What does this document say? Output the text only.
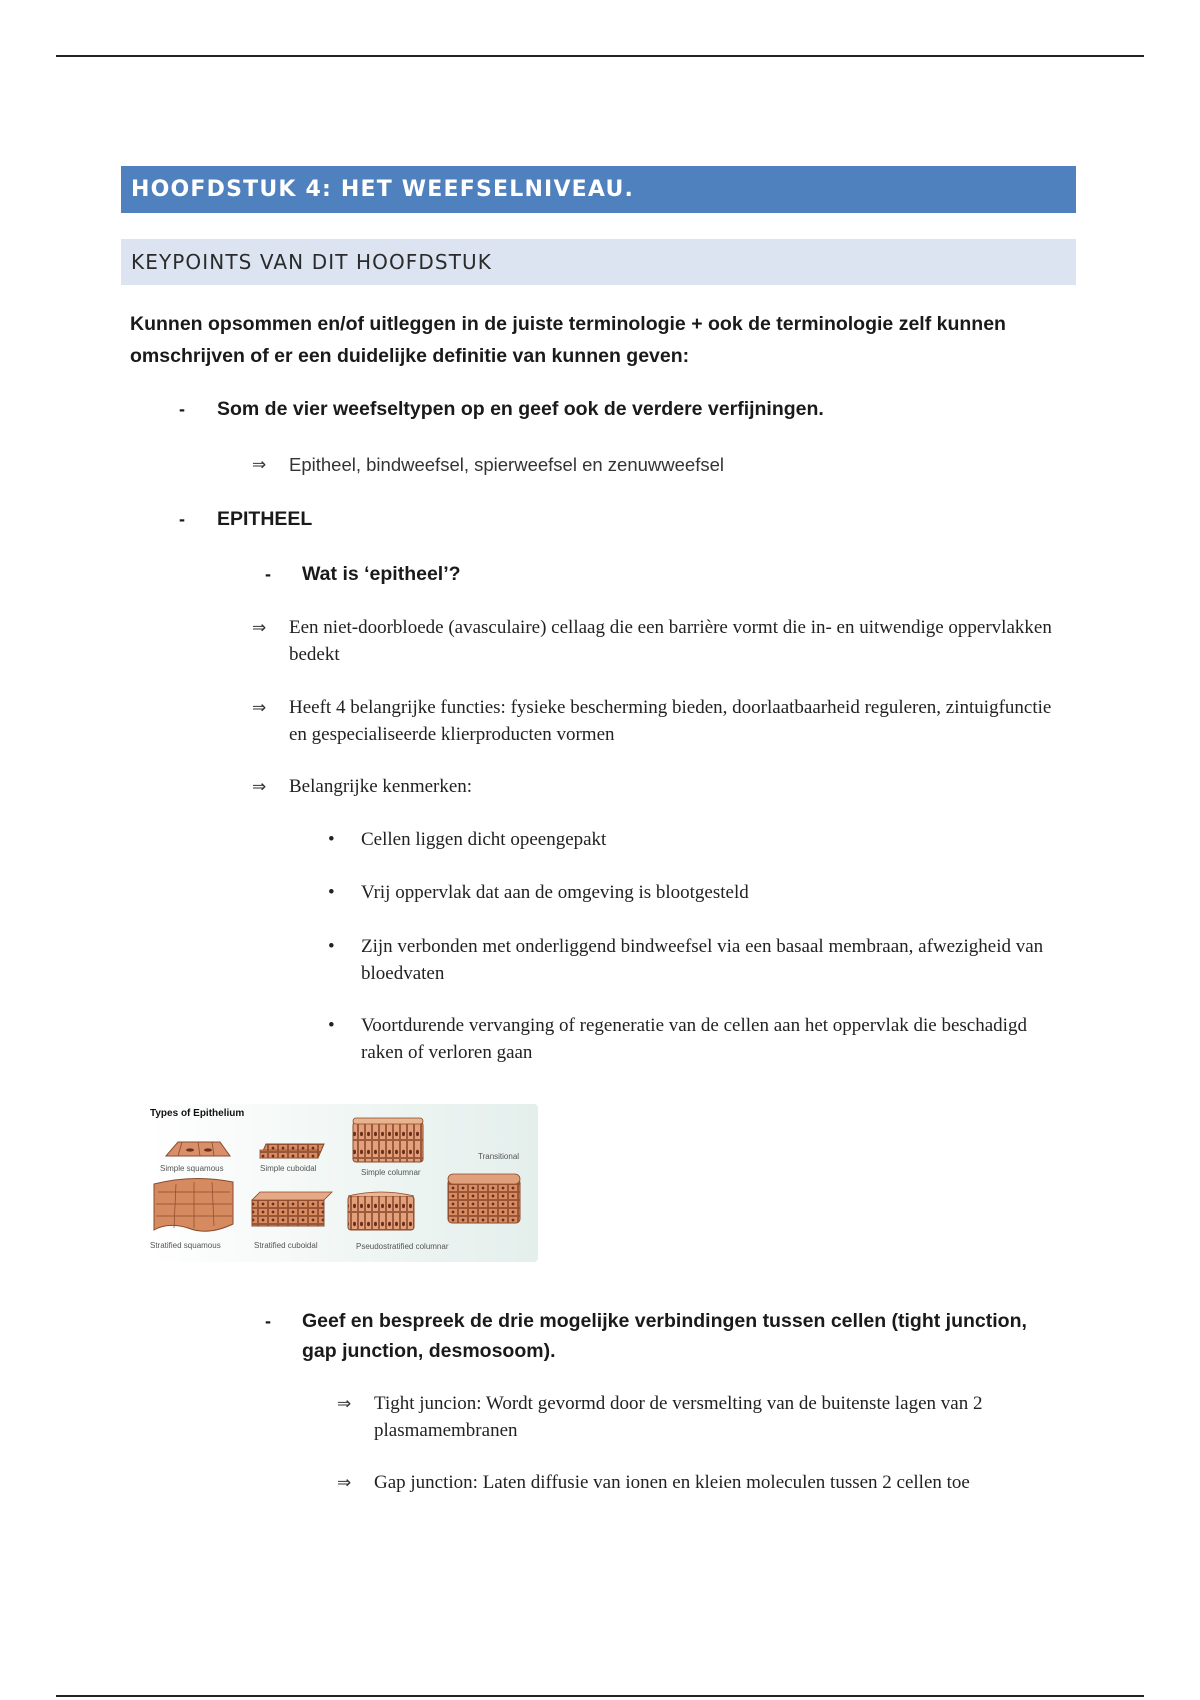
HOOFDSTUK 4: HET WEEFSELNIVEAU.
KEYPOINTS VAN DIT HOOFDSTUK
Kunnen opsommen en/of uitleggen in de juiste terminologie + ook de terminologie zelf kunnen omschrijven of er een duidelijke definitie van kunnen geven:
-	Som de vier weefseltypen op en geef ook de verdere verfijningen.
⇒ Epitheel, bindweefsel, spierweefsel en zenuwweefsel
-	EPITHEEL
-	Wat is ‘epitheel’?
⇒ Een niet-doorbloede (avasculaire) cellaag die een barrière vormt die in- en uitwendige oppervlakken bedekt
⇒ Heeft 4 belangrijke functies: fysieke bescherming bieden, doorlaatbaarheid reguleren, zintuigfunctie en gespecialiseerde klierproducten vormen
⇒ Belangrijke kenmerken:
• Cellen liggen dicht opeengepakt
• Vrij oppervlak dat aan de omgeving is blootgesteld
• Zijn verbonden met onderliggend bindweefsel via een basaal membraan, afwezigheid van bloedvaten
• Voortdurende vervanging of regeneratie van de cellen aan het oppervlak die beschadigd raken of verloren gaan
Types of Epithelium
Simple squamous	Simple cuboidal	Simple columnar
Transitional
Stratified squamous	Stratified cuboidal	Pseudostratified columnar
-	Geef en bespreek de drie mogelijke verbindingen tussen cellen (tight junction, gap junction, desmosoom).
⇒ Tight juncion: Wordt gevormd door de versmelting van de buitenste lagen van 2 plasmamembranen
⇒ Gap junction: Laten diffusie van ionen en kleien moleculen tussen 2 cellen toe
